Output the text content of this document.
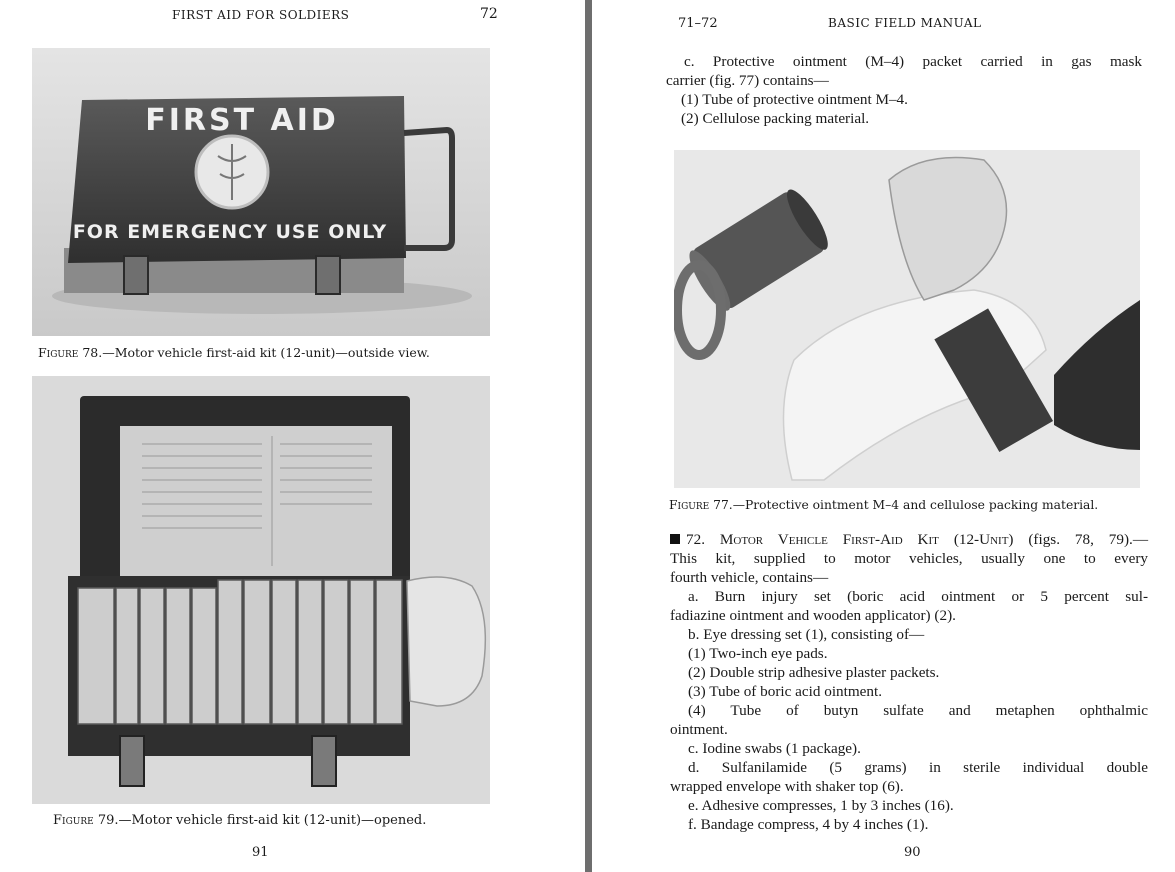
FIRST AID FOR SOLDIERS	72
FIRST AID
FOR EMERGENCY USE ONLY
Figure 78.—Motor vehicle first-aid kit (12-unit)—outside view.
Figure 79.—Motor vehicle first-aid kit (12-unit)—opened.
91
71–72	BASIC FIELD MANUAL
c. Protective ointment (M–4) packet carried in gas mask
carrier (fig. 77) contains—
(1) Tube of protective ointment M–4.
(2) Cellulose packing material.
Figure 77.—Protective ointment M–4 and cellulose packing material.
72. Motor Vehicle First-Aid Kit (12-Unit) (figs. 78, 79).—
This kit, supplied to motor vehicles, usually one to every
fourth vehicle, contains—
a. Burn injury set (boric acid ointment or 5 percent sul-
fadiazine ointment and wooden applicator) (2).
b. Eye dressing set (1), consisting of—
(1) Two-inch eye pads.
(2) Double strip adhesive plaster packets.
(3) Tube of boric acid ointment.
(4) Tube of butyn sulfate and metaphen ophthalmic
ointment.
c. Iodine swabs (1 package).
d. Sulfanilamide (5 grams) in sterile individual double
wrapped envelope with shaker top (6).
e. Adhesive compresses, 1 by 3 inches (16).
f. Bandage compress, 4 by 4 inches (1).
90
